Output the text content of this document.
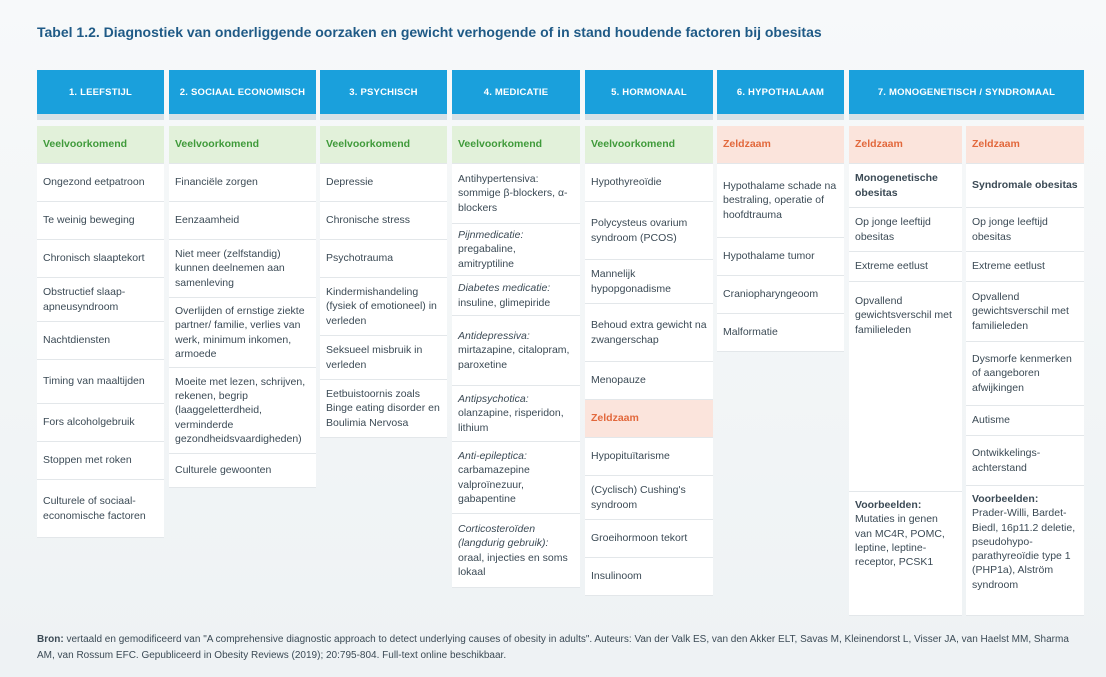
Tabel 1.2. Diagnostiek van onderliggende oorzaken en gewicht verhogende of in stand houdende factoren bij obesitas
1. LEEFSTIJL
Veelvoorkomend
Ongezond eetpatroon
Te weinig beweging
Chronisch slaaptekort
Obstructief slaap-apneusyndroom
Nachtdiensten
Timing van maaltijden
Fors alcoholgebruik
Stoppen met roken
Culturele of sociaal-economische factoren
2. SOCIAAL ECONOMISCH
Veelvoorkomend
Financiële zorgen
Eenzaamheid
Niet meer (zelfstandig) kunnen deelnemen aan samenleving
Overlijden of ernstige ziekte partner/ familie, verlies van werk, minimum inkomen, armoede
Moeite met lezen, schrijven, rekenen, begrip (laaggeletterdheid, verminderde gezondheidsvaardigheden)
Culturele gewoonten
3. PSYCHISCH
Veelvoorkomend
Depressie
Chronische stress
Psychotrauma
Kindermishandeling (fysiek of emotioneel) in verleden
Seksueel misbruik in verleden
Eetbuistoornis zoals Binge eating disorder en Boulimia Nervosa
4. MEDICATIE
Veelvoorkomend
Antihypertensiva: sommige β-blockers, α-blockers
Pijnmedicatie:
pregabaline, amitryptiline
Diabetes medicatie:
insuline, glimepiride
Antidepressiva:
mirtazapine, citalopram, paroxetine
Antipsychotica:
olanzapine, risperidon, lithium
Anti-epileptica:
carbamazepine valproïnezuur, gabapentine
Corticosteroïden (langdurig gebruik):
oraal, injecties en soms lokaal
5. HORMONAAL
Veelvoorkomend
Hypothyreoïdie
Polycysteus ovarium syndroom (PCOS)
Mannelijk hypopgonadisme
Behoud extra gewicht na zwangerschap
Menopauze
Zeldzaam
Hypopituïtarisme
(Cyclisch) Cushing's syndroom
Groeihormoon tekort
Insulinoom
6. HYPOTHALAAM
Zeldzaam
Hypothalame schade na bestraling, operatie of hoofdtrauma
Hypothalame tumor
Craniopharyngeoom
Malformatie
7. MONOGENETISCH / SYNDROMAAL
Zeldzaam
Monogenetische obesitas
Op jonge leeftijd obesitas
Extreme eetlust
Opvallend gewichtsverschil met familieleden
Voorbeelden:
Mutaties in genen van MC4R, POMC, leptine, leptine-receptor, PCSK1
Zeldzaam
Syndromale obesitas
Op jonge leeftijd obesitas
Extreme eetlust
Opvallend gewichtsverschil met familieleden
Dysmorfe kenmerken of aangeboren afwijkingen
Autisme
Ontwikkelings-achterstand
Voorbeelden:
Prader-Willi, Bardet-Biedl, 16p11.2 deletie, pseudohypo-parathyreoïdie type 1 (PHP1a), Alström syndroom
Bron: vertaald en gemodificeerd van "A comprehensive diagnostic approach to detect underlying causes of obesity in adults". Auteurs: Van der Valk ES, van den Akker ELT, Savas M, Kleinendorst L, Visser JA, van Haelst MM, Sharma AM, van Rossum EFC. Gepubliceerd in Obesity Reviews (2019); 20:795-804. Full-text online beschikbaar.
